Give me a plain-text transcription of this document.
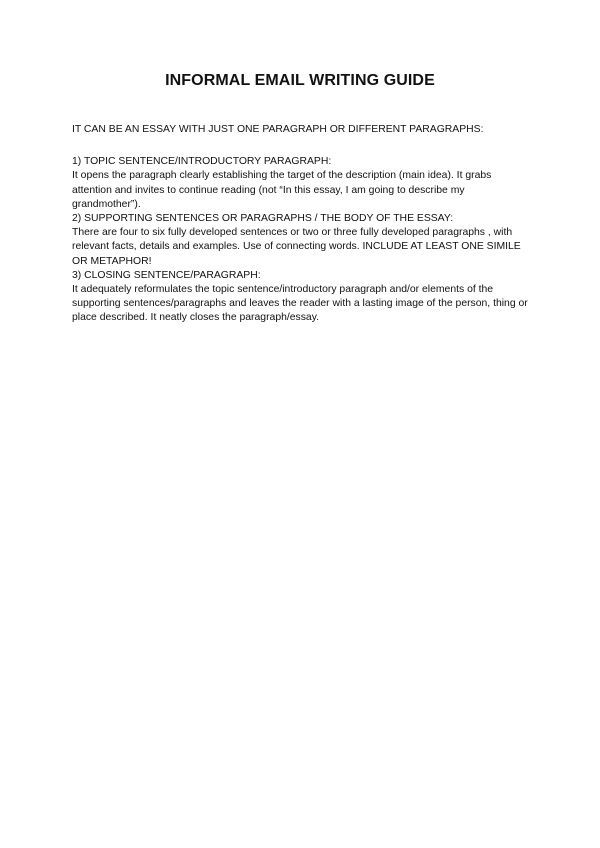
INFORMAL EMAIL WRITING GUIDE

IT CAN BE AN ESSAY WITH JUST ONE PARAGRAPH OR DIFFERENT PARAGRAPHS:

1) TOPIC SENTENCE/INTRODUCTORY PARAGRAPH:

It opens the paragraph clearly establishing the target of the description (main idea). It grabs attention and invites to continue reading (not “In this essay, I am going to describe my grandmother”).

2) SUPPORTING SENTENCES OR PARAGRAPHS / THE BODY OF THE ESSAY:

There are four to six fully developed sentences or two or three fully developed paragraphs , with relevant facts, details and examples. Use of connecting words. INCLUDE AT LEAST ONE SIMILE OR METAPHOR!

3) CLOSING SENTENCE/PARAGRAPH:

It adequately reformulates the topic sentence/introductory paragraph and/or elements of the supporting sentences/paragraphs and leaves the reader with a lasting image of the person, thing or place described. It neatly closes the paragraph/essay.
